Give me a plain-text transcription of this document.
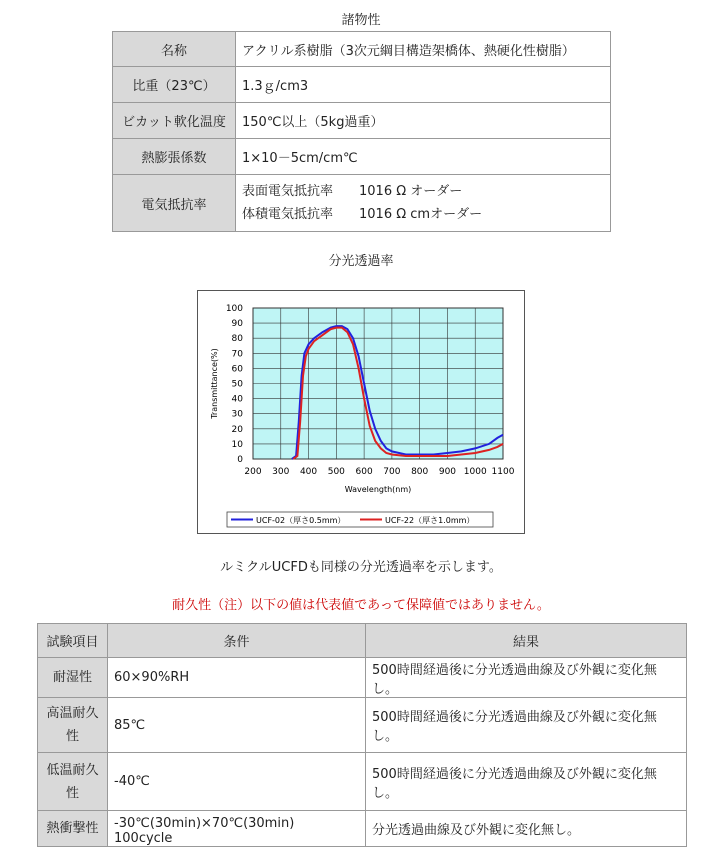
諸物性
名称	アクリル系樹脂（3次元綱目構造架橋体、熱硬化性樹脂）
比重（23℃）	1.3ｇ/cm3
ビカット軟化温度	150℃以上（5kg過重）
熱膨張係数	1×10－5cm/cm℃
電気抵抗率	表面電気抵抗率　　1016 Ω オーダー
体積電気抵抗率　　1016 Ω cmオーダー
分光透過率
200 300 400 500 600 700 800 900 1000 1100
0
10
20
30
40
50
60
70
80
90
100
Wavelength(nm)
Transmittance(%)
UCF-02（厚さ0.5mm）	UCF-22（厚さ1.0mm）
ルミクルUCFDも同様の分光透過率を示します。
耐久性（注）以下の値は代表値であって保障値ではありません。
試験項目	条件	結果
耐湿性	60×90%RH	500時間経過後に分光透過曲線及び外観に変化無し。
高温耐久性	85℃	500時間経過後に分光透過曲線及び外観に変化無し。
低温耐久性	-40℃	500時間経過後に分光透過曲線及び外観に変化無し。
熱衝撃性	-30℃(30min)×70℃(30min)　100cycle	分光透過曲線及び外観に変化無し。
